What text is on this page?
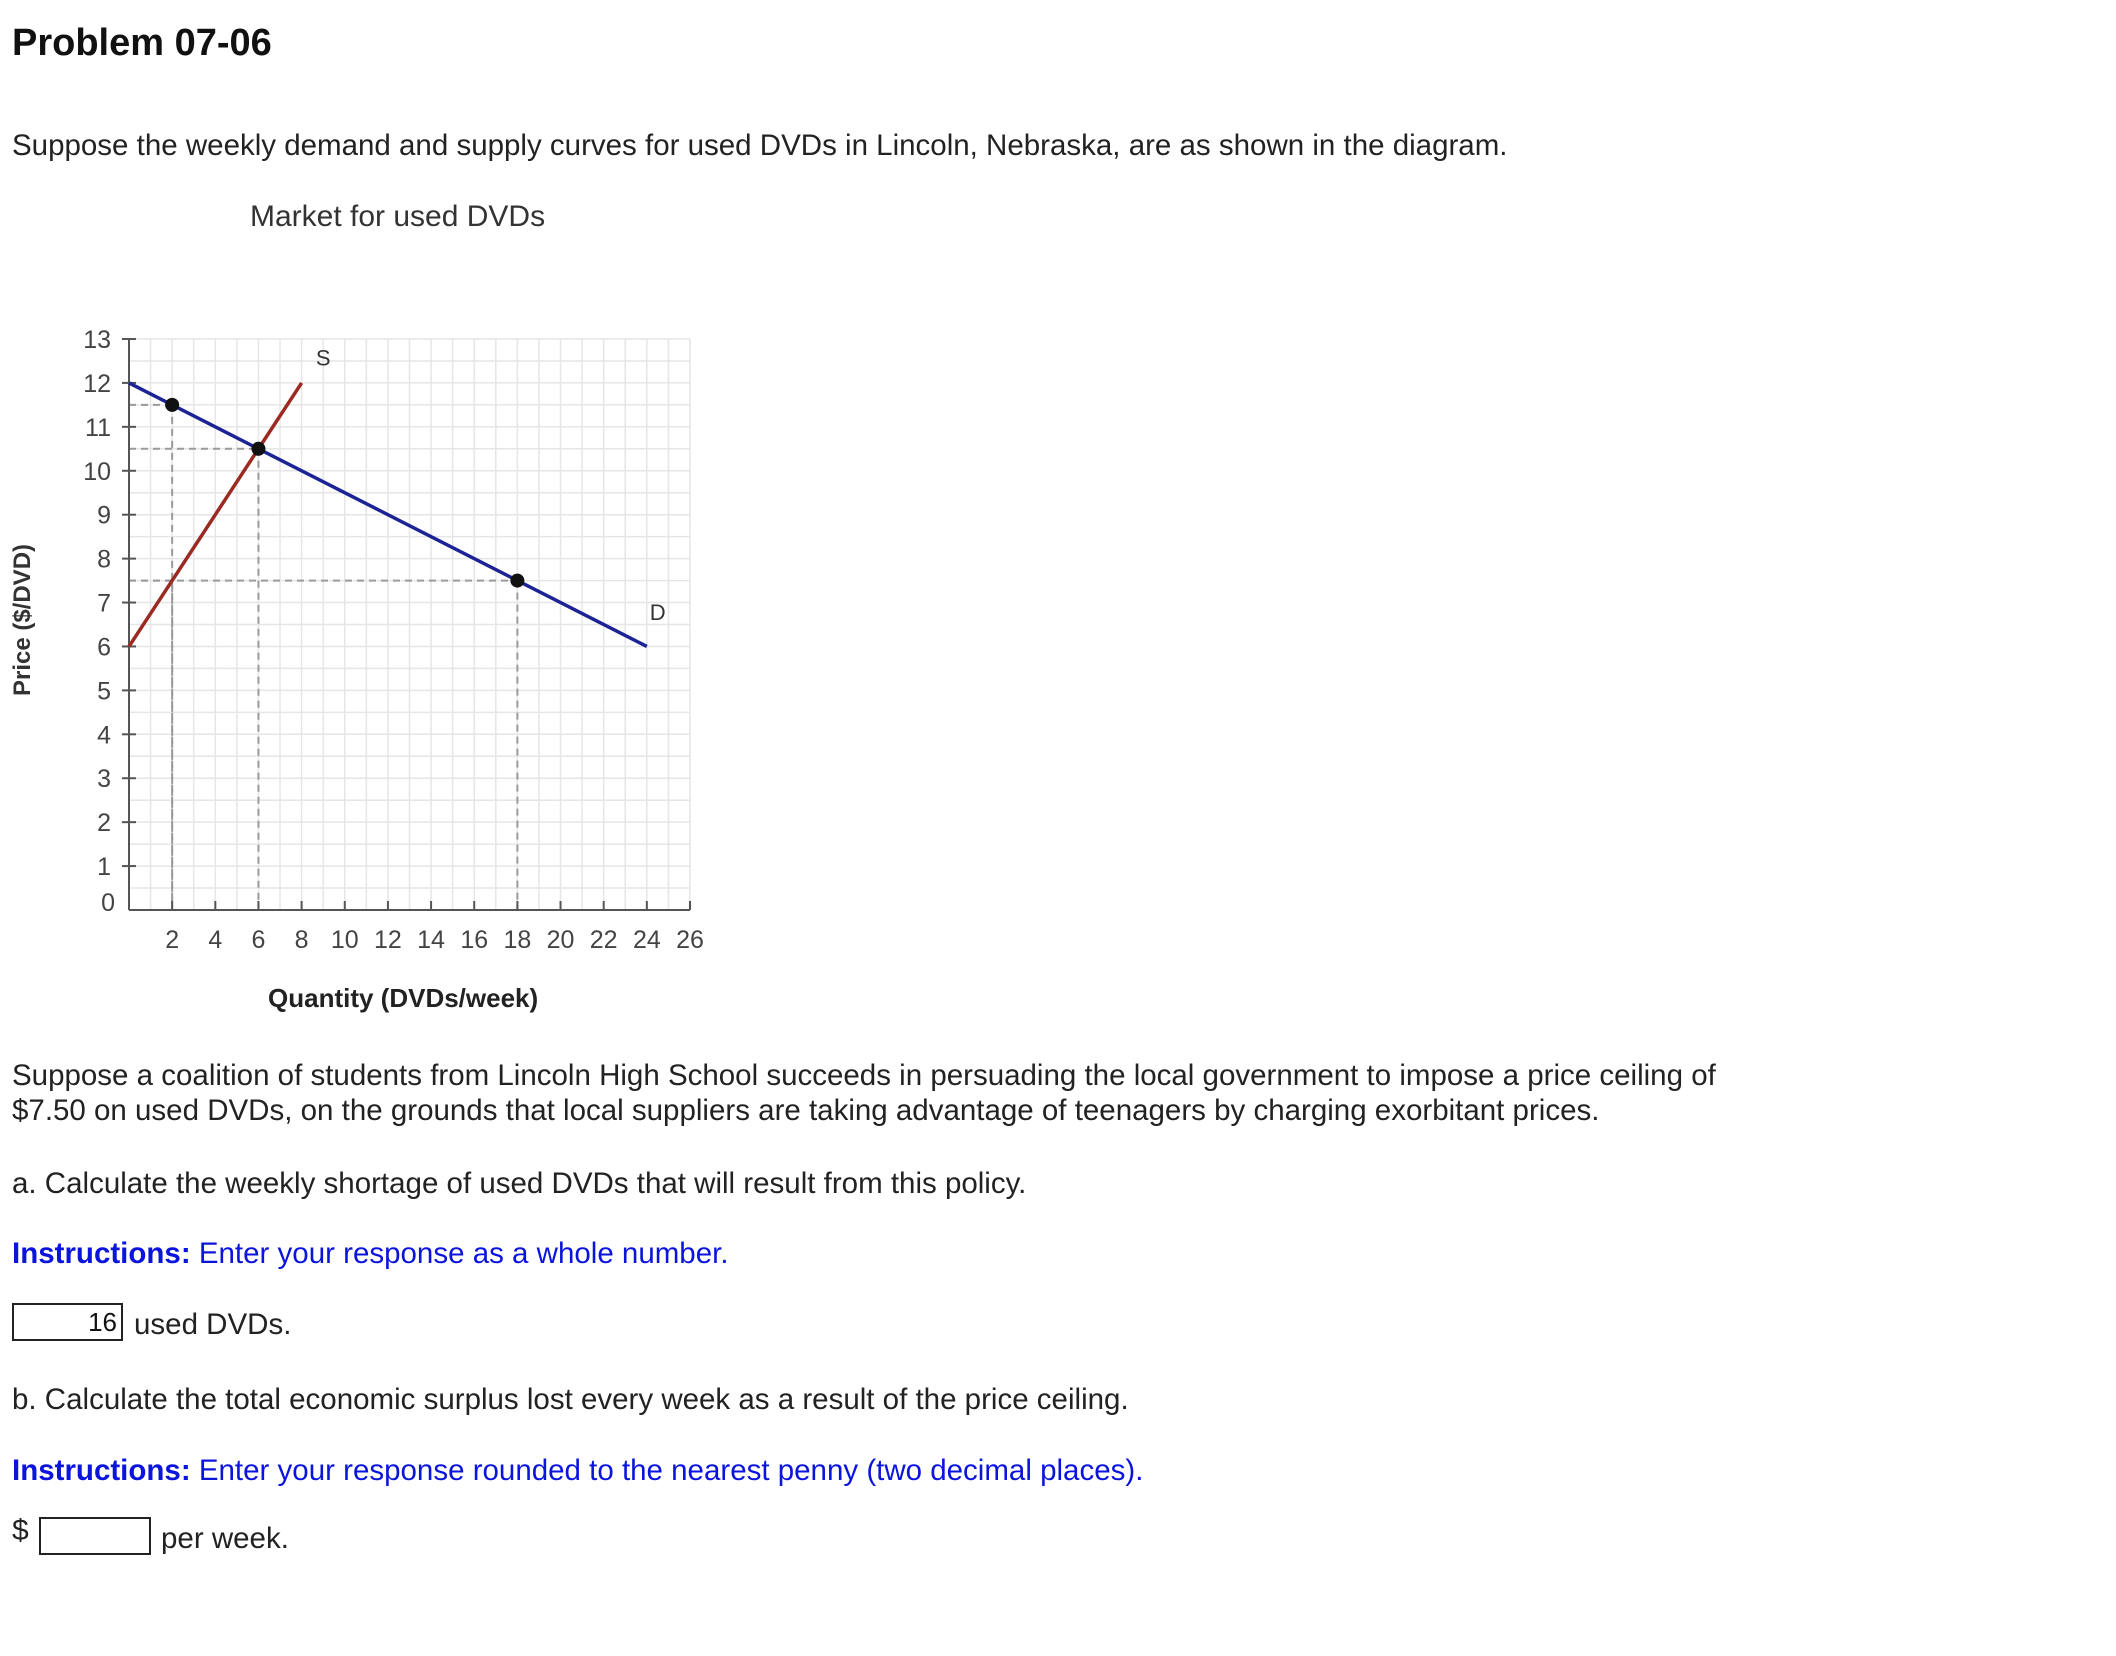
Problem 07-06

Suppose the weekly demand and supply curves for used DVDs in Lincoln, Nebraska, are as shown in the diagram.

Market for used DVDs

0
1
2
3
4
5
6
7
8
9
10
11
12
13
2 4 6 8 10 12 14 16 18 20 22 24 26
S
D
Price ($/DVD)

Quantity (DVDs/week)

Suppose a coalition of students from Lincoln High School succeeds in persuading the local government to impose a price ceiling of

$7.50 on used DVDs, on the grounds that local suppliers are taking advantage of teenagers by charging exorbitant prices.

a. Calculate the weekly shortage of used DVDs that will result from this policy.

Instructions: Enter your response as a whole number.

16

used DVDs.

b. Calculate the total economic surplus lost every week as a result of the price ceiling.

Instructions: Enter your response rounded to the nearest penny (two decimal places).

$	per week.
